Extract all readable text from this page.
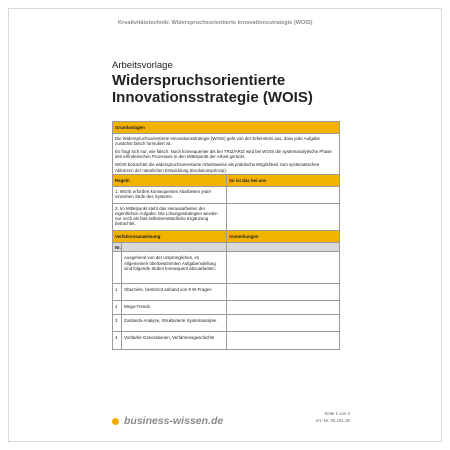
Kreativitätstechnik: Widerspruchsorientierte Innovationsstrategie (WOIS)
Arbeitsvorlage
Widerspruchsorientierte Innovationsstrategie (WOIS)
Grundanlagen		

Die Widerspruchsorientierte Innovationsstrategie (WOIS) geht von der Erkenntnis aus, dass jede Aufgabe zunächst falsch formuliert ist.

Es fragt sich nur, wie falsch. Noch konsequenter als bei TRIZ/ARIZ wird bei WOIS die systemanalytische Phase des erfinderischen Prozesses in den Mittelpunkt der Arbeit gerückt.

WOIS betrachtet die widerspruchsorientierte Arbeitsweise als praktische Möglichkeit zum systematischen Abkürzen der natürlichen Entwicklung (Evolutionsprinzip).		

Regeln		So ist das bei uns
1. WOIS erfordert konsequentes Abarbeiten jeder einzelnen Stufe des Systems.		
2. Im Mittelpunkt steht das Herausarbeiten der eigentlichen Aufgabe. Die Lösungsstrategien werden nur noch als fast selbstverständliche Ergänzung betrachtet.		
Verfahrensanweisung		Anmerkungen
Nr.		
	Ausgehend von der ursprünglichen, im Allgemeinen überbestimmten Aufgabenstellung sind folgende Stufen konsequent abzuarbeiten:	
1	Oberziele, bestimmt anhand von 9 W-Fragen	
2	Mega-Trends	
3	Zustands-Analyse, Strukturierte Systemanalyse	
4	Vorläufer-Generationen, Verfahrensgeschichte	
business-wissen.de
Seite 1 von 3
Art.-Nr. 06.161.36
